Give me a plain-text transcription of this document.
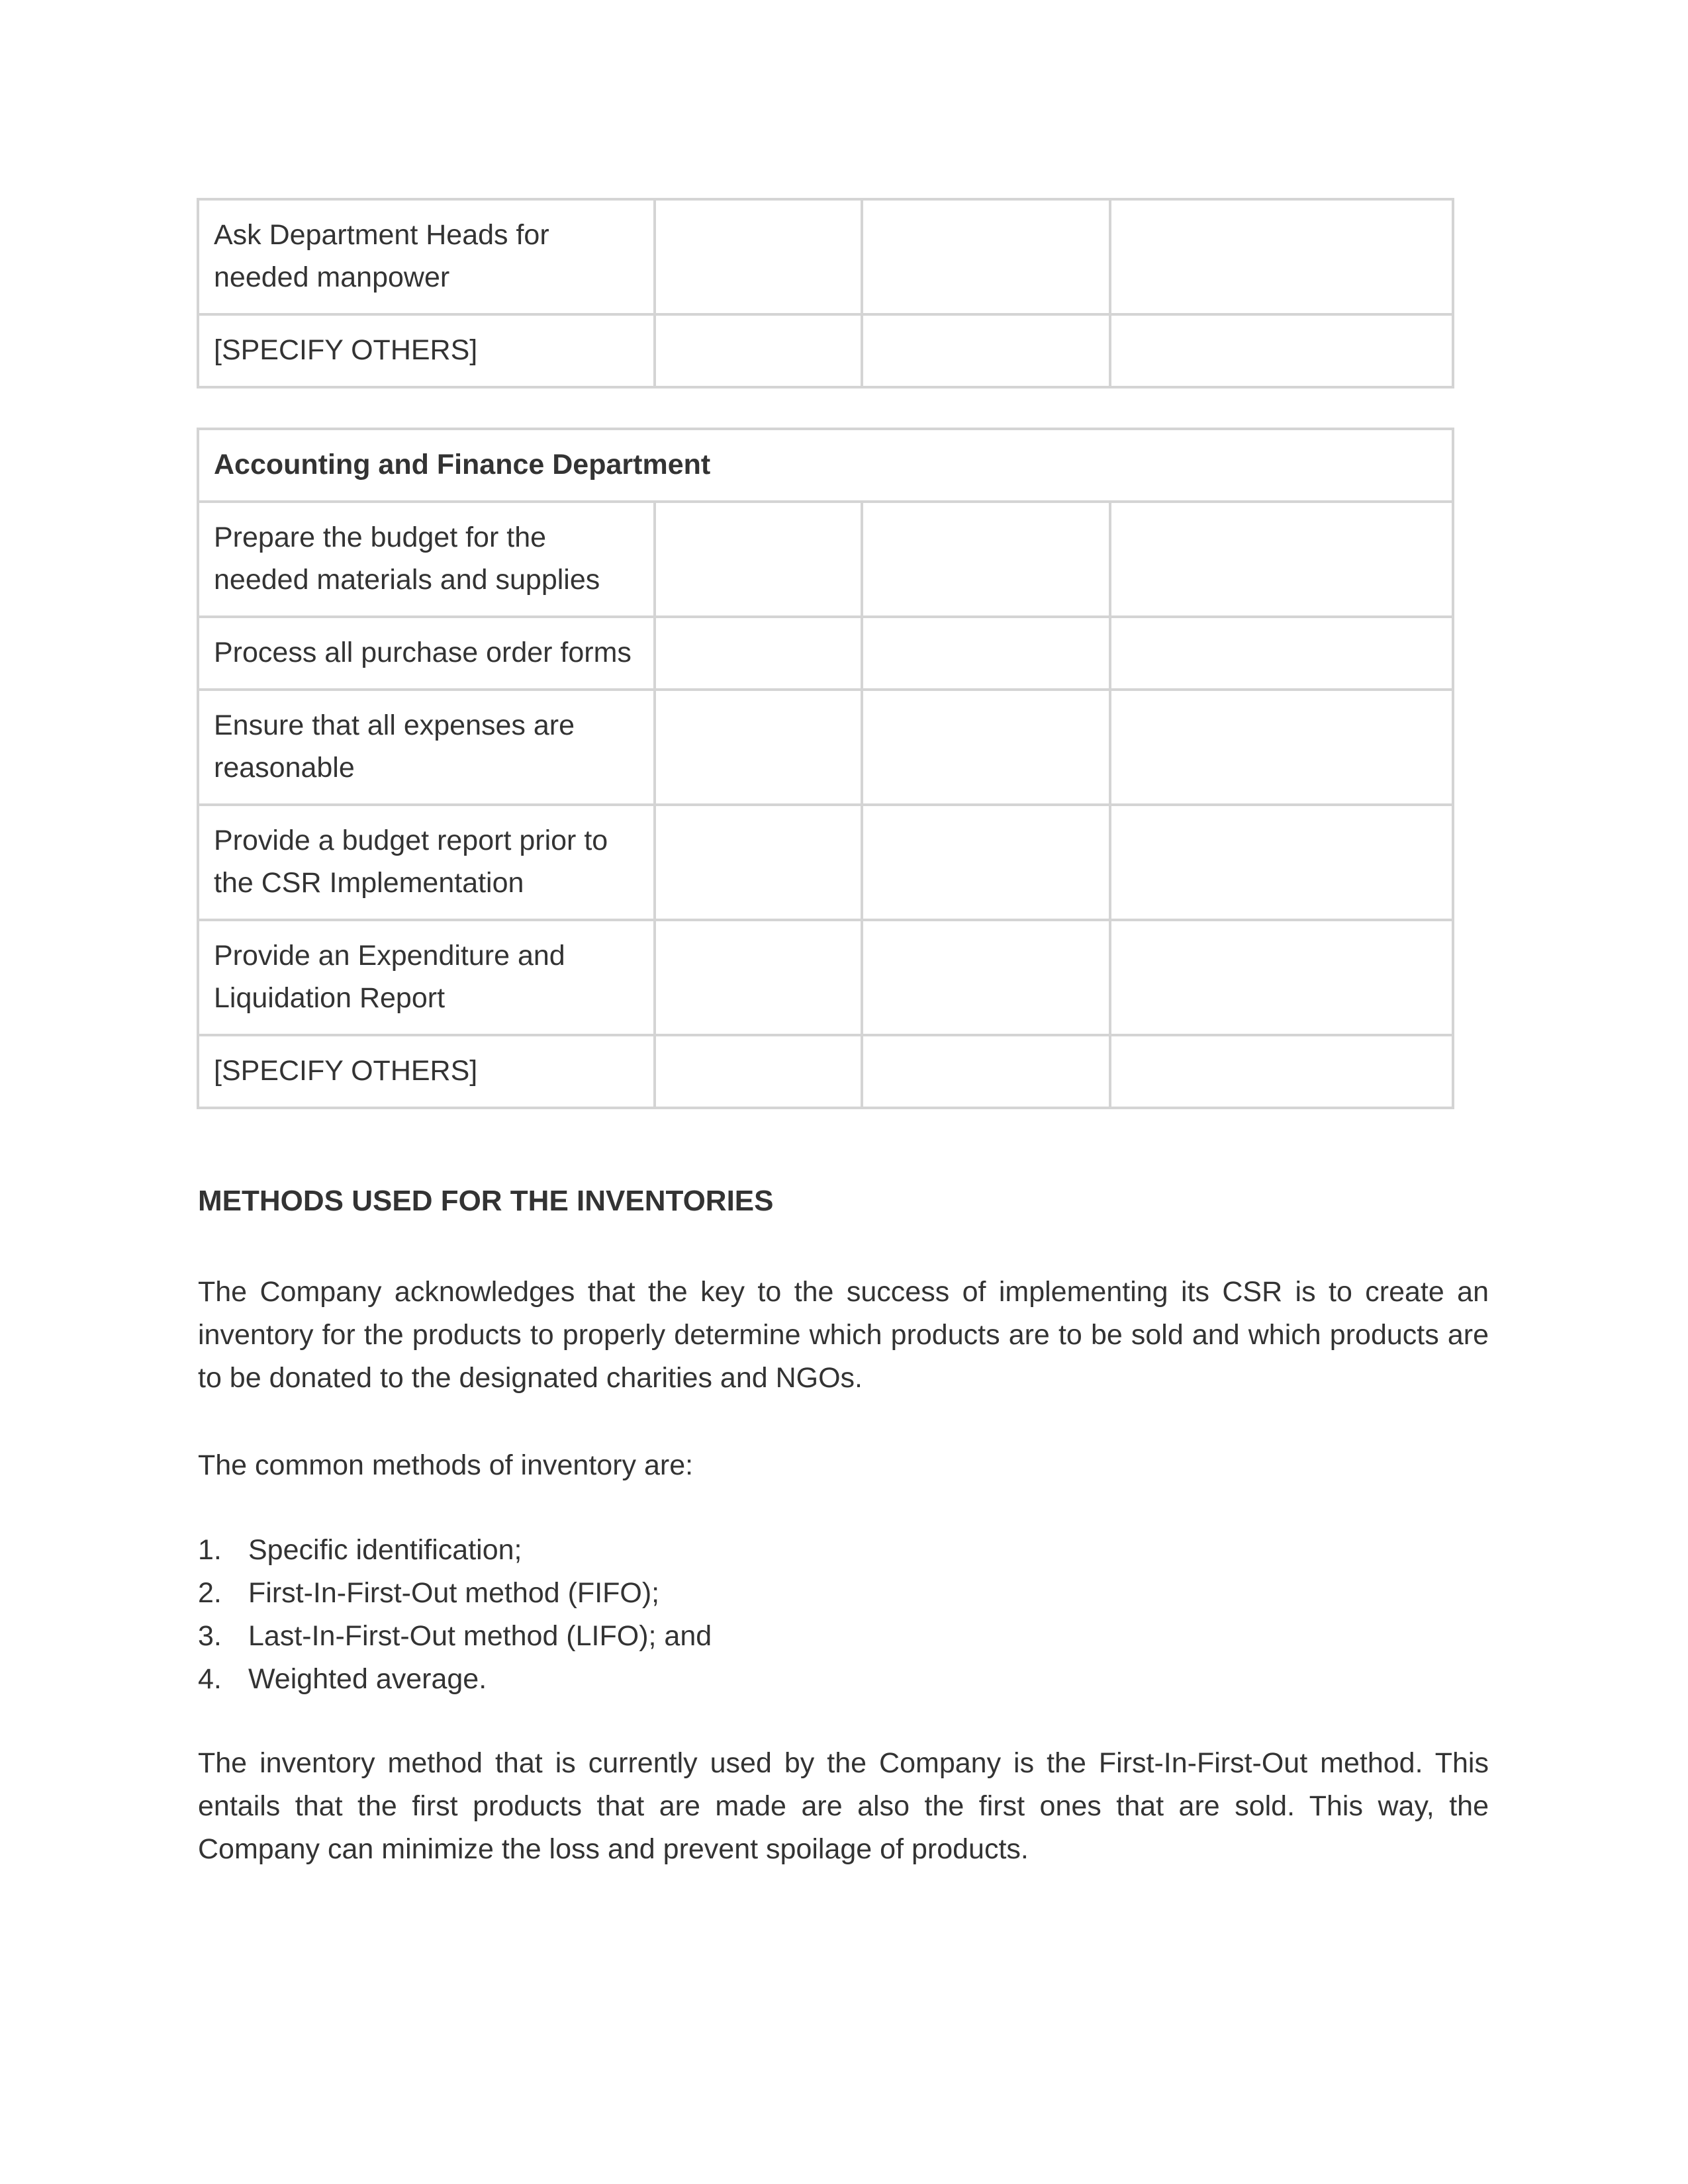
Ask Department Heads for needed manpower			
[SPECIFY OTHERS]			
Accounting and Finance Department			
Prepare the budget for the needed materials and supplies			
Process all purchase order forms			
Ensure that all expenses are reasonable			
Provide a budget report prior to the CSR Implementation			
Provide an Expenditure and Liquidation Report			
[SPECIFY OTHERS]			
METHODS USED FOR THE INVENTORIES

The Company acknowledges that the key to the success of implementing its CSR is to create an inventory for the products to properly determine which products are to be sold and which products are to be donated to the designated charities and NGOs.

The common methods of inventory are:

1. Specific identification;
2. First-In-First-Out method (FIFO);
3. Last-In-First-Out method (LIFO); and
4. Weighted average.

The inventory method that is currently used by the Company is the First-In-First-Out method. This entails that the first products that are made are also the first ones that are sold. This way, the Company can minimize the loss and prevent spoilage of products.
